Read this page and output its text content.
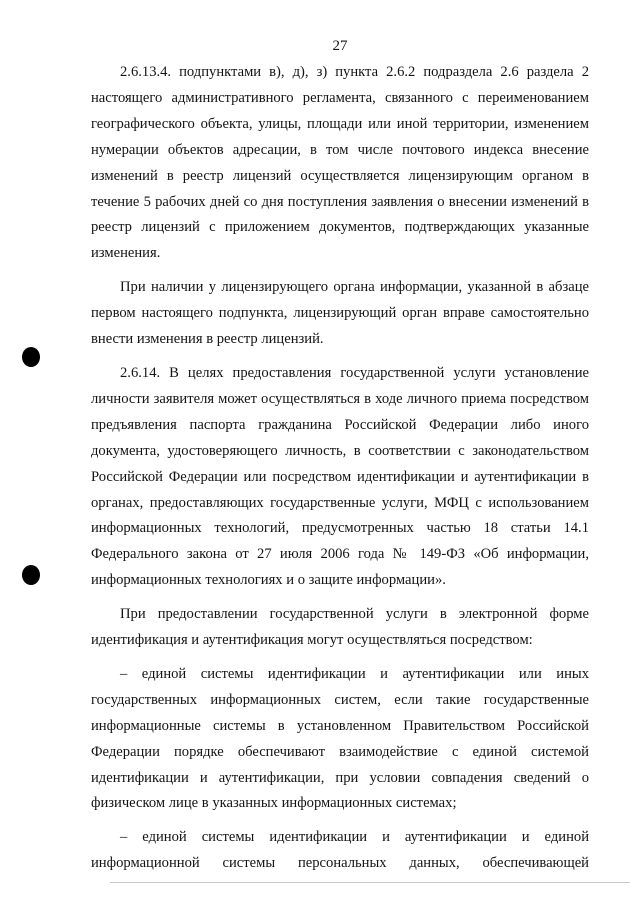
27

2.6.13.4. подпунктами в), д), з) пункта 2.6.2 подраздела 2.6 раздела 2 настоящего административного регламента, связанного с переименованием географического объекта, улицы, площади или иной территории, изменением нумерации объектов адресации, в том числе почтового индекса внесение изменений в реестр лицензий осуществляется лицензирующим органом в течение 5 рабочих дней со дня поступления заявления о внесении изменений в реестр лицензий с приложением документов, подтверждающих указанные изменения.

При наличии у лицензирующего органа информации, указанной в абзаце первом настоящего подпункта, лицензирующий орган вправе самостоятельно внести изменения в реестр лицензий.

2.6.14. В целях предоставления государственной услуги установление личности заявителя может осуществляться в ходе личного приема посредством предъявления паспорта гражданина Российской Федерации либо иного документа, удостоверяющего личность, в соответствии с законодательством Российской Федерации или посредством идентификации и аутентификации в органах, предоставляющих государственные услуги, МФЦ с использованием информационных технологий, предусмотренных частью 18 статьи 14.1 Федерального закона от 27 июля 2006 года № 149-ФЗ «Об информации, информационных технологиях и о защите информации».

При предоставлении государственной услуги в электронной форме идентификация и аутентификация могут осуществляться посредством:

– единой системы идентификации и аутентификации или иных государственных информационных систем, если такие государственные информационные системы в установленном Правительством Российской Федерации порядке обеспечивают взаимодействие с единой системой идентификации и аутентификации, при условии совпадения сведений о физическом лице в указанных информационных системах;

– единой системы идентификации и аутентификации и единой информационной системы персональных данных, обеспечивающей
